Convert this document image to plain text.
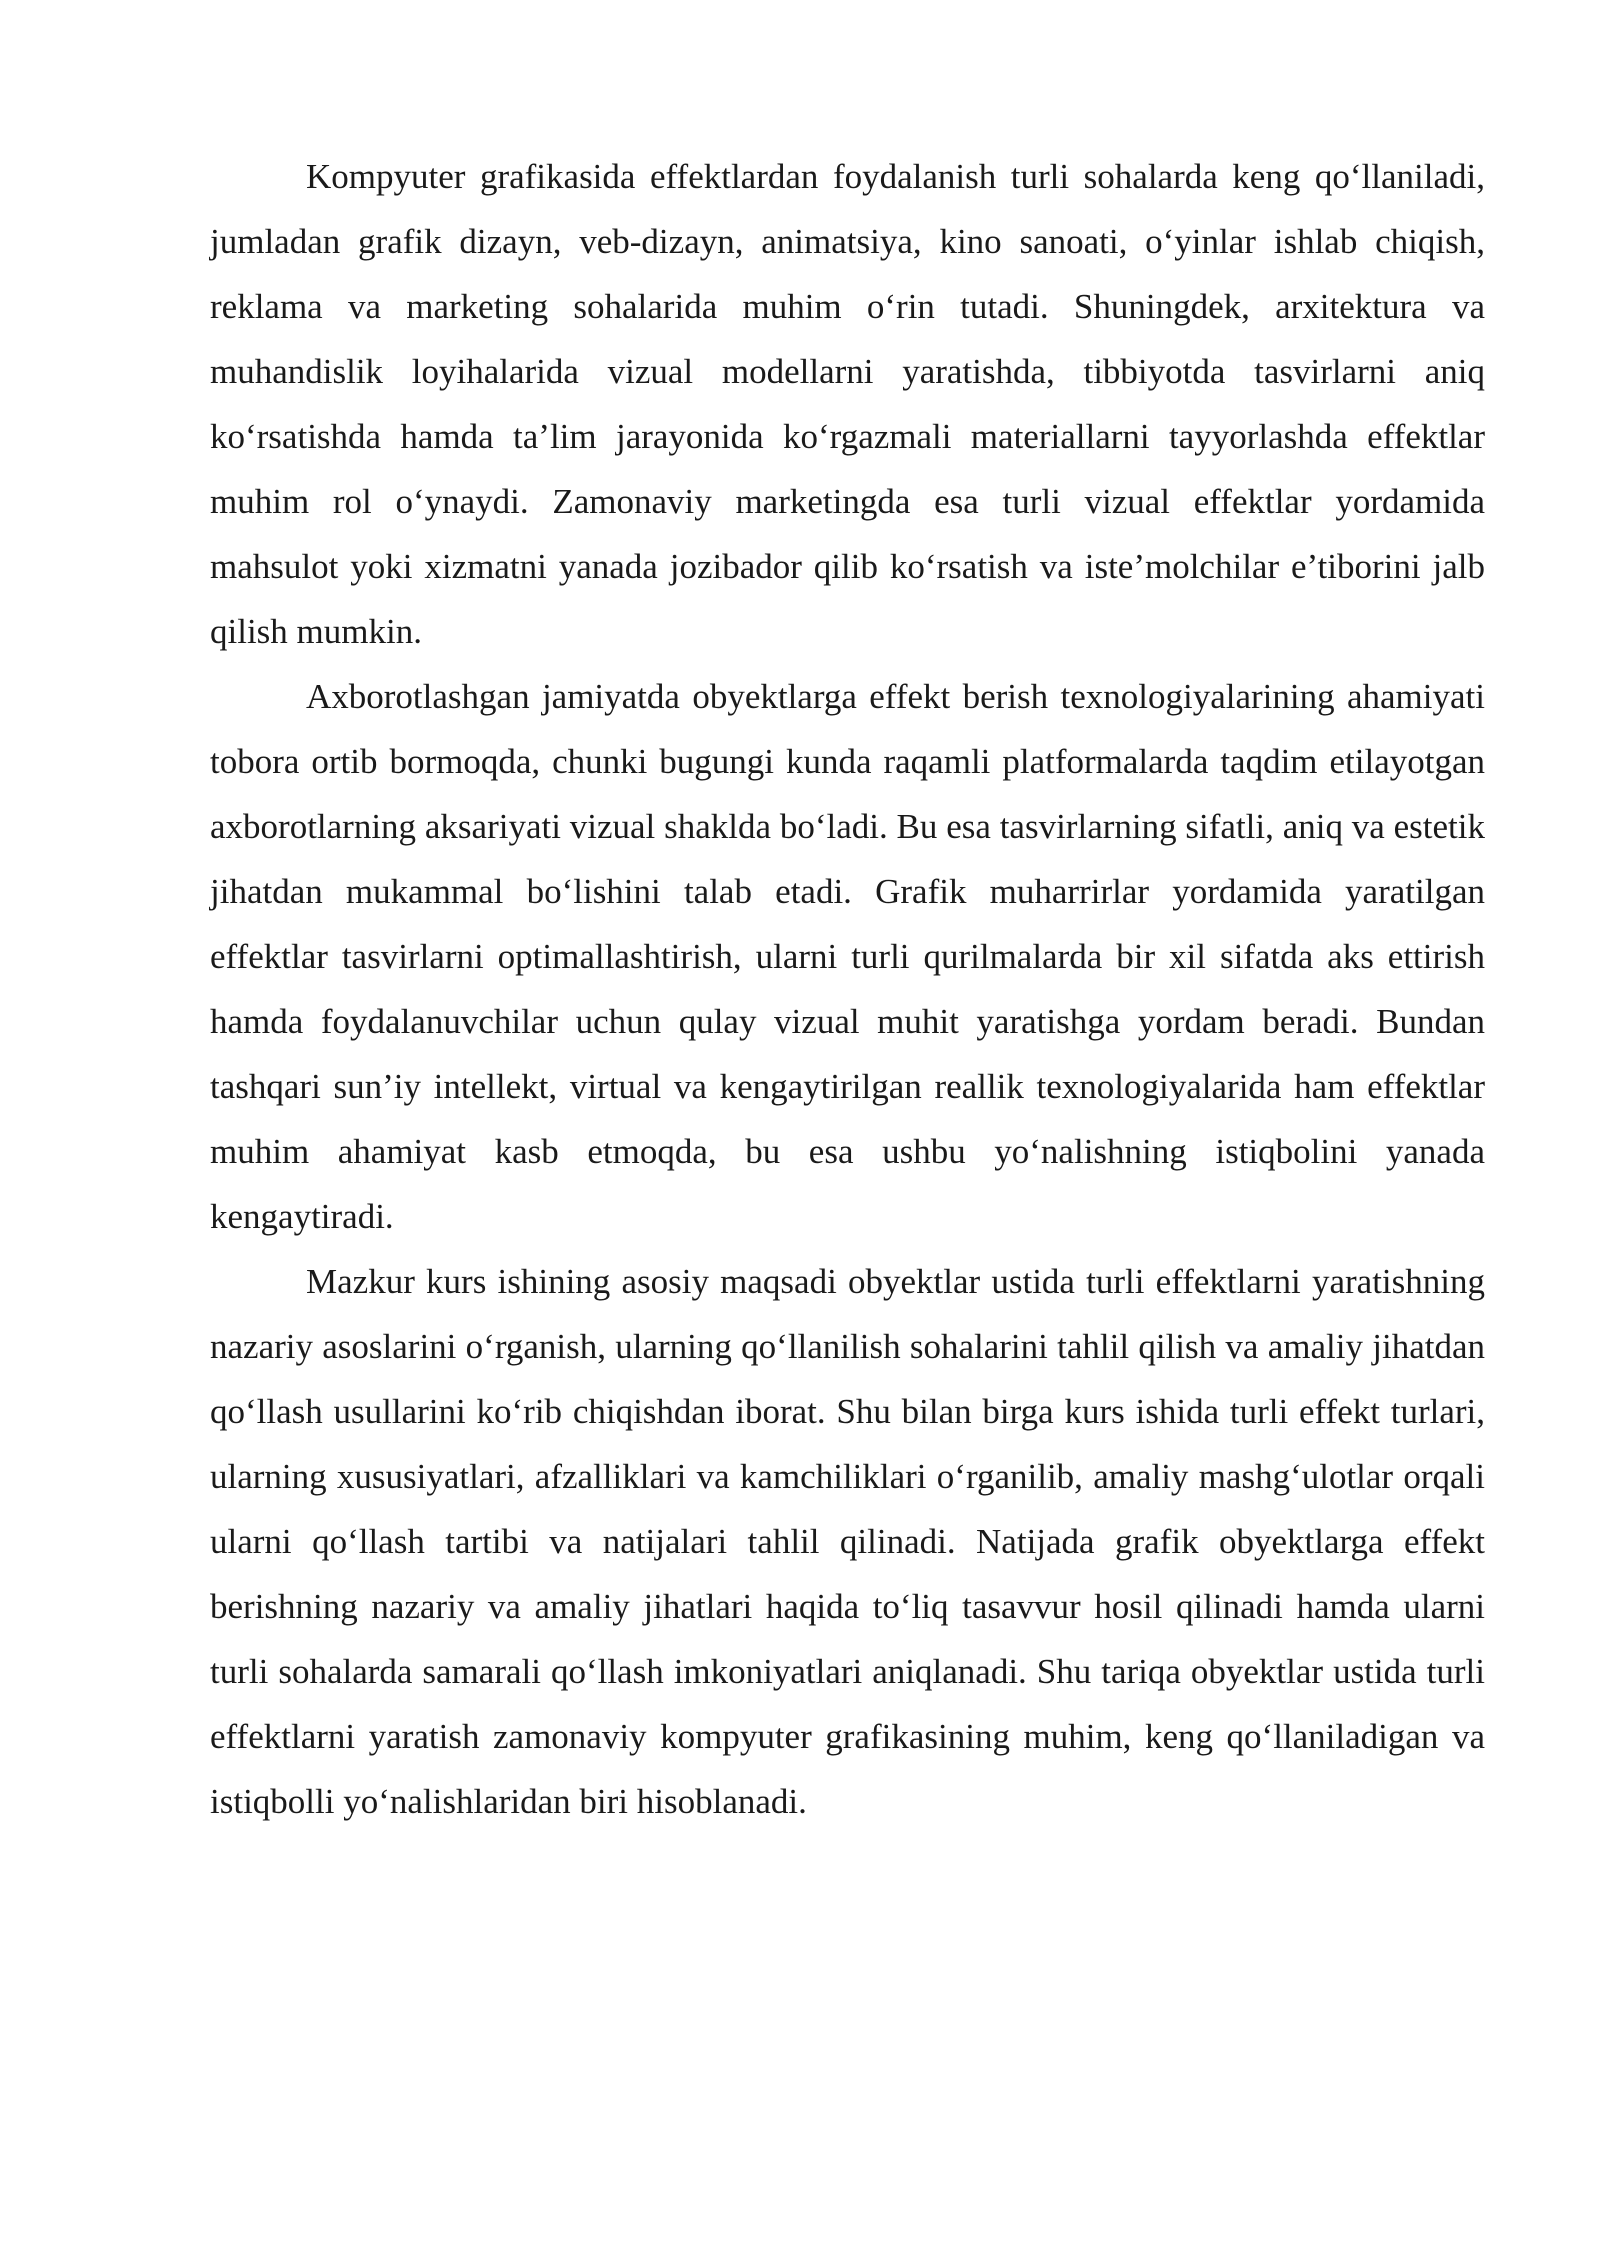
Kompyuter grafikasida effektlardan foydalanish turli sohalarda keng qo‘llaniladi, jumladan grafik dizayn, veb-dizayn, animatsiya, kino sanoati, o‘yinlar ishlab chiqish, reklama va marketing sohalarida muhim o‘rin tutadi. Shuningdek, arxitektura va muhandislik loyihalarida vizual modellarni yaratishda, tibbiyotda tasvirlarni aniq ko‘rsatishda hamda ta’lim jarayonida ko‘rgazmali materiallarni tayyorlashda effektlar muhim rol o‘ynaydi. Zamonaviy marketingda esa turli vizual effektlar yordamida mahsulot yoki xizmatni yanada jozibador qilib ko‘rsatish va iste’molchilar e’tiborini jalb qilish mumkin.

Axborotlashgan jamiyatda obyektlarga effekt berish texnologiyalarining ahamiyati tobora ortib bormoqda, chunki bugungi kunda raqamli platformalarda taqdim etilayotgan axborotlarning aksariyati vizual shaklda bo‘ladi. Bu esa tasvirlarning sifatli, aniq va estetik jihatdan mukammal bo‘lishini talab etadi. Grafik muharrirlar yordamida yaratilgan effektlar tasvirlarni optimallashtirish, ularni turli qurilmalarda bir xil sifatda aks ettirish hamda foydalanuvchilar uchun qulay vizual muhit yaratishga yordam beradi. Bundan tashqari sun’iy intellekt, virtual va kengaytirilgan reallik texnologiyalarida ham effektlar muhim ahamiyat kasb etmoqda, bu esa ushbu yo‘nalishning istiqbolini yanada kengaytiradi.

Mazkur kurs ishining asosiy maqsadi obyektlar ustida turli effektlarni yaratishning nazariy asoslarini o‘rganish, ularning qo‘llanilish sohalarini tahlil qilish va amaliy jihatdan qo‘llash usullarini ko‘rib chiqishdan iborat. Shu bilan birga kurs ishida turli effekt turlari, ularning xususiyatlari, afzalliklari va kamchiliklari o‘rganilib, amaliy mashg‘ulotlar orqali ularni qo‘llash tartibi va natijalari tahlil qilinadi. Natijada grafik obyektlarga effekt berishning nazariy va amaliy jihatlari haqida to‘liq tasavvur hosil qilinadi hamda ularni turli sohalarda samarali qo‘llash imkoniyatlari aniqlanadi. Shu tariqa obyektlar ustida turli effektlarni yaratish zamonaviy kompyuter grafikasining muhim, keng qo‘llaniladigan va istiqbolli yo‘nalishlaridan biri hisoblanadi.
